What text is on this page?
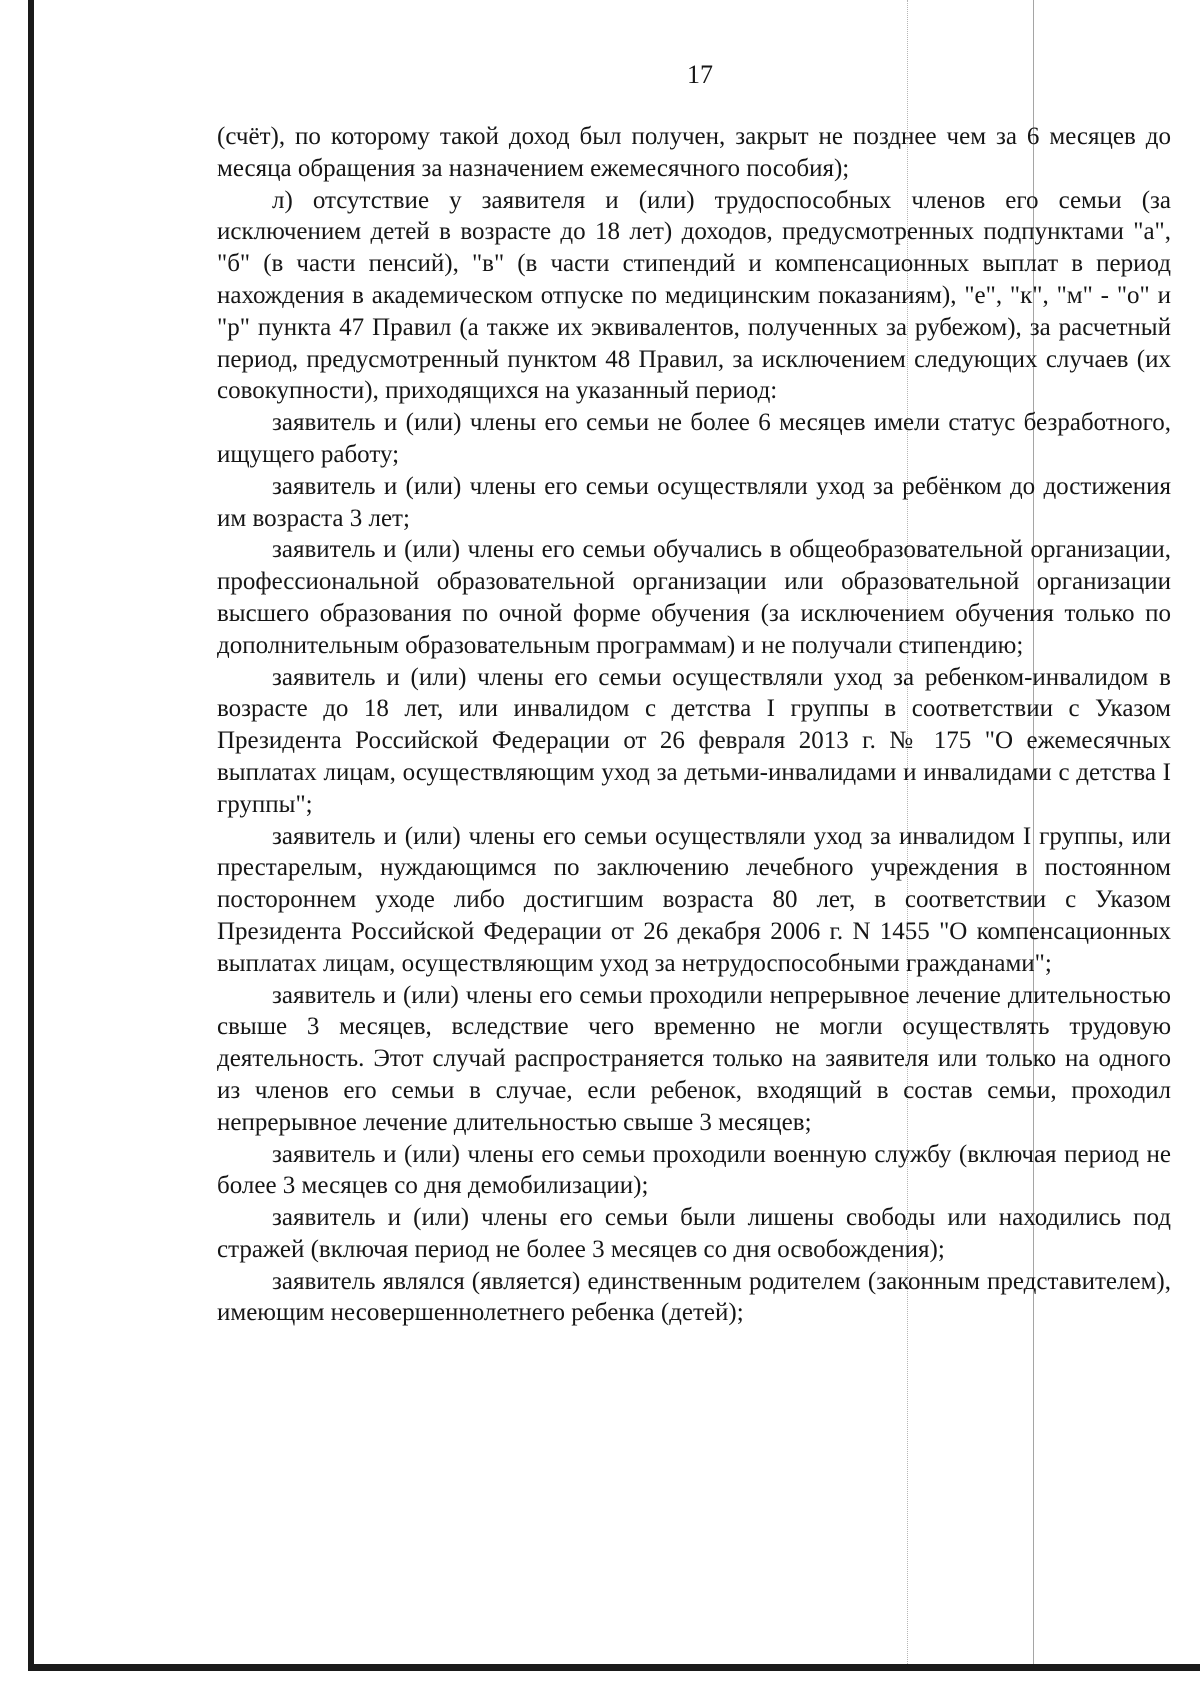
17

(счёт), по которому такой доход был получен, закрыт не позднее чем за 6 месяцев до месяца обращения за назначением ежемесячного пособия);

л) отсутствие у заявителя и (или) трудоспособных членов его семьи (за исключением детей в возрасте до 18 лет) доходов, предусмотренных подпунктами "а", "б" (в части пенсий), "в" (в части стипендий и компенсационных выплат в период нахождения в академическом отпуске по медицинским показаниям), "е", "к", "м" - "о" и "р" пункта 47 Правил (а также их эквивалентов, полученных за рубежом), за расчетный период, предусмотренный пунктом 48 Правил, за исключением следующих случаев (их совокупности), приходящихся на указанный период:

заявитель и (или) члены его семьи не более 6 месяцев имели статус безработного, ищущего работу;

заявитель и (или) члены его семьи осуществляли уход за ребёнком до достижения им возраста 3 лет;

заявитель и (или) члены его семьи обучались в общеобразовательной организации, профессиональной образовательной организации или образовательной организации высшего образования по очной форме обучения (за исключением обучения только по дополнительным образовательным программам) и не получали стипендию;

заявитель и (или) члены его семьи осуществляли уход за ребенком-инвалидом в возрасте до 18 лет, или инвалидом с детства I группы в соответствии с Указом Президента Российской Федерации от 26 февраля 2013 г. № 175 "О ежемесячных выплатах лицам, осуществляющим уход за детьми-инвалидами и инвалидами с детства I группы";

заявитель и (или) члены его семьи осуществляли уход за инвалидом I группы, или престарелым, нуждающимся по заключению лечебного учреждения в постоянном постороннем уходе либо достигшим возраста 80 лет, в соответствии с Указом Президента Российской Федерации от 26 декабря 2006 г. N 1455 "О компенсационных выплатах лицам, осуществляющим уход за нетрудоспособными гражданами";

заявитель и (или) члены его семьи проходили непрерывное лечение длительностью свыше 3 месяцев, вследствие чего временно не могли осуществлять трудовую деятельность. Этот случай распространяется только на заявителя или только на одного из членов его семьи в случае, если ребенок, входящий в состав семьи, проходил непрерывное лечение длительностью свыше 3 месяцев;

заявитель и (или) члены его семьи проходили военную службу (включая период не более 3 месяцев со дня демобилизации);

заявитель и (или) члены его семьи были лишены свободы или находились под стражей (включая период не более 3 месяцев со дня освобождения);

заявитель являлся (является) единственным родителем (законным представителем), имеющим несовершеннолетнего ребенка (детей);
